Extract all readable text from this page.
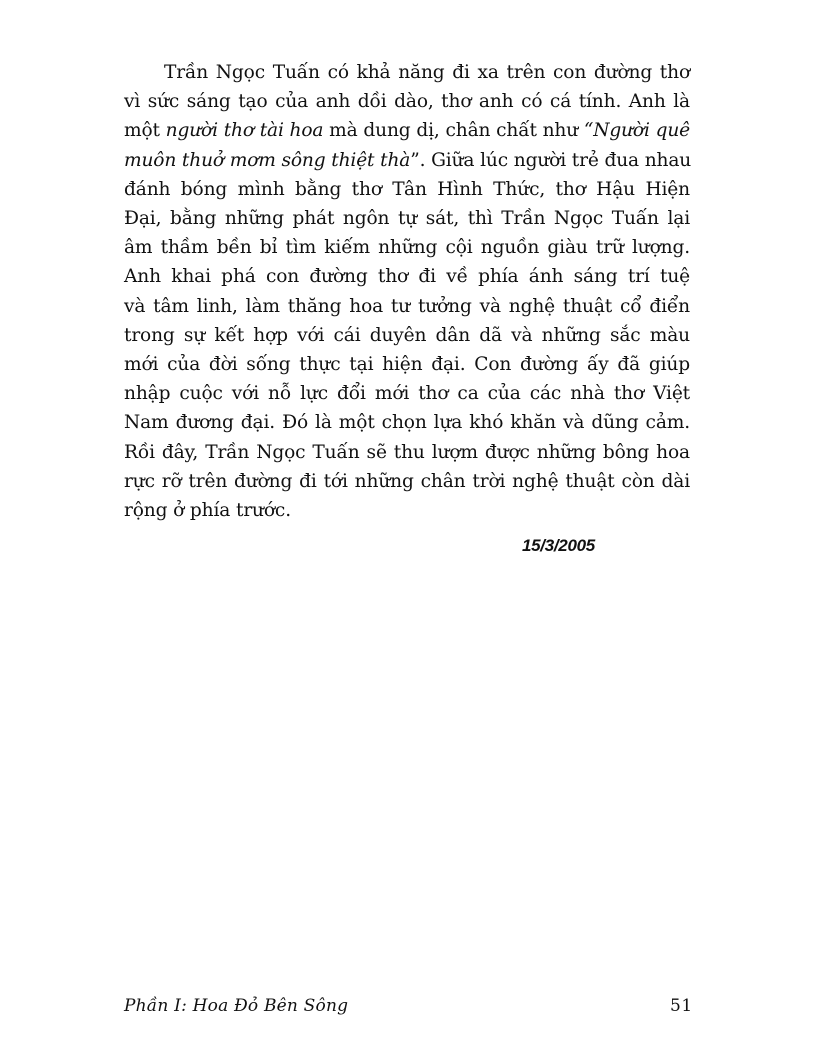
Trần Ngọc Tuấn có khả năng đi xa trên con đường thơ
vì sức sáng tạo của anh dồi dào, thơ anh có cá tính. Anh là
một người thơ tài hoa mà dung dị, chân chất như “Người quê
muôn thuở mơm sông thiệt thà”. Giữa lúc người trẻ đua nhau
đánh bóng mình bằng thơ Tân Hình Thức, thơ Hậu Hiện
Đại, bằng những phát ngôn tự sát, thì Trần Ngọc Tuấn lại
âm thầm bền bỉ tìm kiếm những cội nguồn giàu trữ lượng.
Anh khai phá con đường thơ đi về phía ánh sáng trí tuệ
và tâm linh, làm thăng hoa tư tưởng và nghệ thuật cổ điển
trong sự kết hợp với cái duyên dân dã và những sắc màu
mới của đời sống thực tại hiện đại. Con đường ấy đã giúp
nhập cuộc với nỗ lực đổi mới thơ ca của các nhà thơ Việt
Nam đương đại. Đó là một chọn lựa khó khăn và dũng cảm.
Rồi đây, Trần Ngọc Tuấn sẽ thu lượm được những bông hoa
rực rỡ trên đường đi tới những chân trời nghệ thuật còn dài
rộng ở phía trước.
15/3/2005
Phần I: Hoa Đỏ Bên Sông	51
